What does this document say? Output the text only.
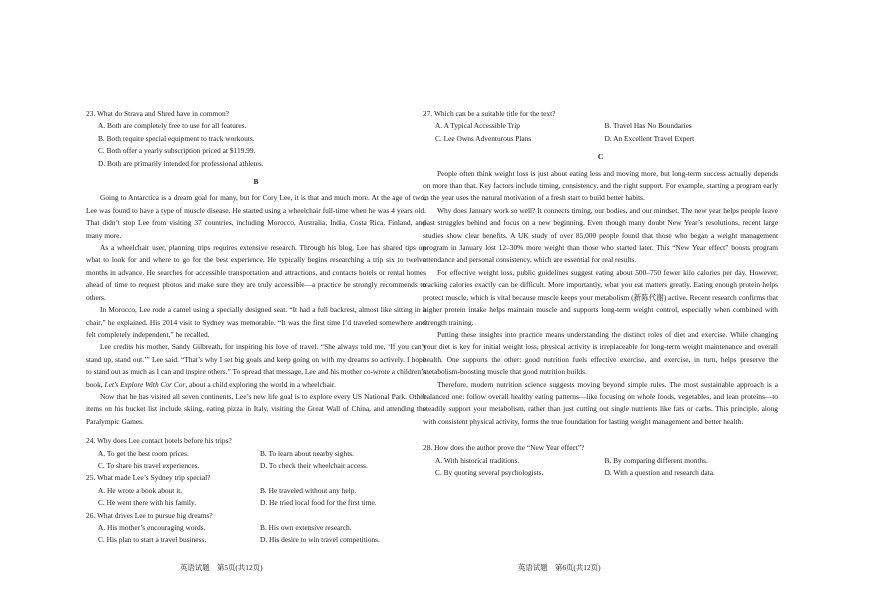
23. What do Strava and Shred have in common?

A. Both are completely free to use for all features.

B. Both require special equipment to track workouts.

C. Both offer a yearly subscription priced at $119.99.

D. Both are primarily intended for professional athletes.

B

Going to Antarctica is a dream goal for many, but for Cory Lee, it is that and much more. At the age of two, Lee was found to have a type of muscle disease. He started using a wheelchair full-time when he was 4 years old. That didn’t stop Lee from visiting 37 countries, including Morocco, Australia, India, Costa Rica, Finland, and many more.

As a wheelchair user, planning trips requires extensive research. Through his blog, Lee has shared tips on what to look for and where to go for the best experience. He typically begins researching a trip six to twelve months in advance. He searches for accessible transportation and attractions, and contacts hotels or rental homes ahead of time to request photos and make sure they are truly accessible—a practice he strongly recommends to others.

In Morocco, Lee rode a camel using a specially designed seat. “It had a full backrest, almost like sitting in a chair,” he explained. His 2014 visit to Sydney was memorable. “It was the first time I’d traveled somewhere and felt completely independent,” he recalled.

Lee credits his mother, Sandy Gilbreath, for inspiring his love of travel. “She always told me, ‘If you can’t stand up, stand out.’” Lee said. “That’s why I set big goals and keep going on with my dreams so actively. I hope to stand out as much as I can and inspire others.” To spread that message, Lee and his mother co-wrote a children’s book, Let’s Explore With Cor Cor, about a child exploring the world in a wheelchair.

Now that he has visited all seven continents, Lee’s new life goal is to explore every US National Park. Other items on his bucket list include skiing, eating pizza in Italy, visiting the Great Wall of China, and attending the Paralympic Games.

24. Why does Lee contact hotels before his trips?

A. To get the best room prices.	B. To learn about nearby sights.
C. To share his travel experiences.	D. To check their wheelchair access.

25. What made Lee’s Sydney trip special?

A. He wrote a book about it.	B. He traveled without any help.
C. He went there with his family.	D. He tried local food for the first time.

26. What drives Lee to pursue big dreams?

A. His mother’s encouraging words.	B. His own extensive research.
C. His plan to start a travel business.	D. His desire to win travel competitions.

27. Which can be a suitable title for the text?

A. A Typical Accessible Trip	B. Travel Has No Boundaries
C. Lee Owns Adventurous Plans	D. An Excellent Travel Expert
C

People often think weight loss is just about eating less and moving more, but long-term success actually depends on more than that. Key factors include timing, consistency, and the right support. For example, starting a program early in the year uses the natural motivation of a fresh start to build better habits.

Why does January work so well? It connects timing, our bodies, and our mindset. The new year helps people leave past struggles behind and focus on a new beginning. Even though many doubt New Year’s resolutions, recent large studies show clear benefits. A UK study of over 85,000 people found that those who began a weight management program in January lost 12–30% more weight than those who started later. This “New Year effect” boosts program attendance and personal consistency, which are essential for real results.

For effective weight loss, public guidelines suggest eating about 500–750 fewer kilo calories per day. However, tracking calories exactly can be difficult. More importantly, what you eat matters greatly. Eating enough protein helps protect muscle, which is vital because muscle keeps your metabolism (新陈代谢) active. Recent research confirms that higher protein intake helps maintain muscle and supports long-term weight control, especially when combined with strength training.

Putting these insights into practice means understanding the distinct roles of diet and exercise. While changing your diet is key for initial weight loss, physical activity is irreplaceable for long-term weight maintenance and overall health. One supports the other: good nutrition fuels effective exercise, and exercise, in turn, helps preserve the metabolism-boosting muscle that good nutrition builds.

Therefore, modern nutrition science suggests moving beyond simple rules. The most sustainable approach is a balanced one: follow overall healthy eating patterns—like focusing on whole foods, vegetables, and lean proteins—to steadily support your metabolism, rather than just cutting out single nutrients like fats or carbs. This principle, along with consistent physical activity, forms the true foundation for lasting weight management and better health.

28. How does the author prove the “New Year effect”?

A. With historical traditions.	B. By comparing different months.
C. By quoting several psychologists.	D. With a question and research data.
英语试题    第5页(共12页)	英语试题    第6页(共12页)
